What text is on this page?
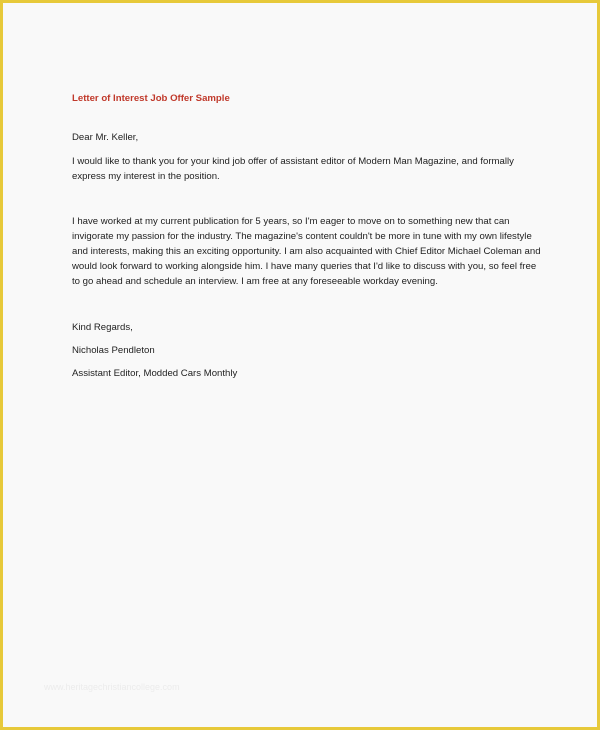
Letter of Interest Job Offer Sample
Dear Mr. Keller,

I would like to thank you for your kind job offer of assistant editor of Modern Man Magazine, and formally express my interest in the position.

I have worked at my current publication for 5 years, so I'm eager to move on to something new that can invigorate my passion for the industry. The magazine's content couldn't be more in tune with my own lifestyle and interests, making this an exciting opportunity. I am also acquainted with Chief Editor Michael Coleman and would look forward to working alongside him. I have many queries that I'd like to discuss with you, so feel free to go ahead and schedule an interview. I am free at any foreseeable workday evening.

Kind Regards,
Nicholas Pendleton
Assistant Editor, Modded Cars Monthly
www.heritagechristiancollege.com
